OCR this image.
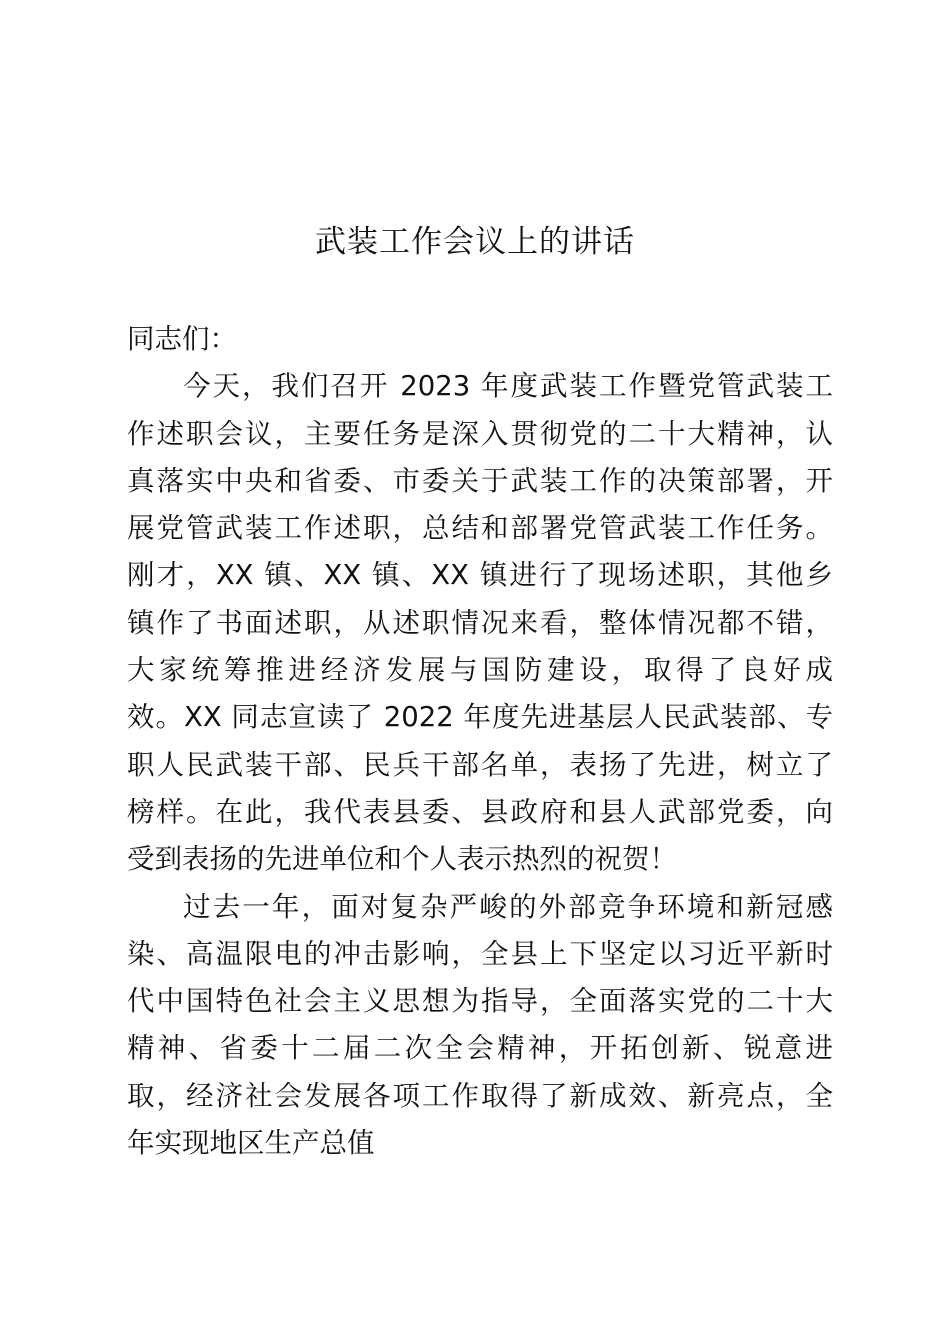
武装工作会议上的讲话
同志们：
今天，我们召开 2023 年度武装工作暨党管武装工
作述职会议，主要任务是深入贯彻党的二十大精神，认
真落实中央和省委、市委关于武装工作的决策部署，开
展党管武装工作述职，总结和部署党管武装工作任务。
刚才，XX 镇、XX 镇、XX 镇进行了现场述职，其他乡
镇作了书面述职，从述职情况来看，整体情况都不错，
大家统筹推进经济发展与国防建设，取得了良好成
效。XX 同志宣读了 2022 年度先进基层人民武装部、专
职人民武装干部、民兵干部名单，表扬了先进，树立了
榜样。在此，我代表县委、县政府和县人武部党委，向
受到表扬的先进单位和个人表示热烈的祝贺！
过去一年，面对复杂严峻的外部竞争环境和新冠感
染、高温限电的冲击影响，全县上下坚定以习近平新时
代中国特色社会主义思想为指导，全面落实党的二十大
精神、省委十二届二次全会精神，开拓创新、锐意进
取，经济社会发展各项工作取得了新成效、新亮点，全
年实现地区生产总值
